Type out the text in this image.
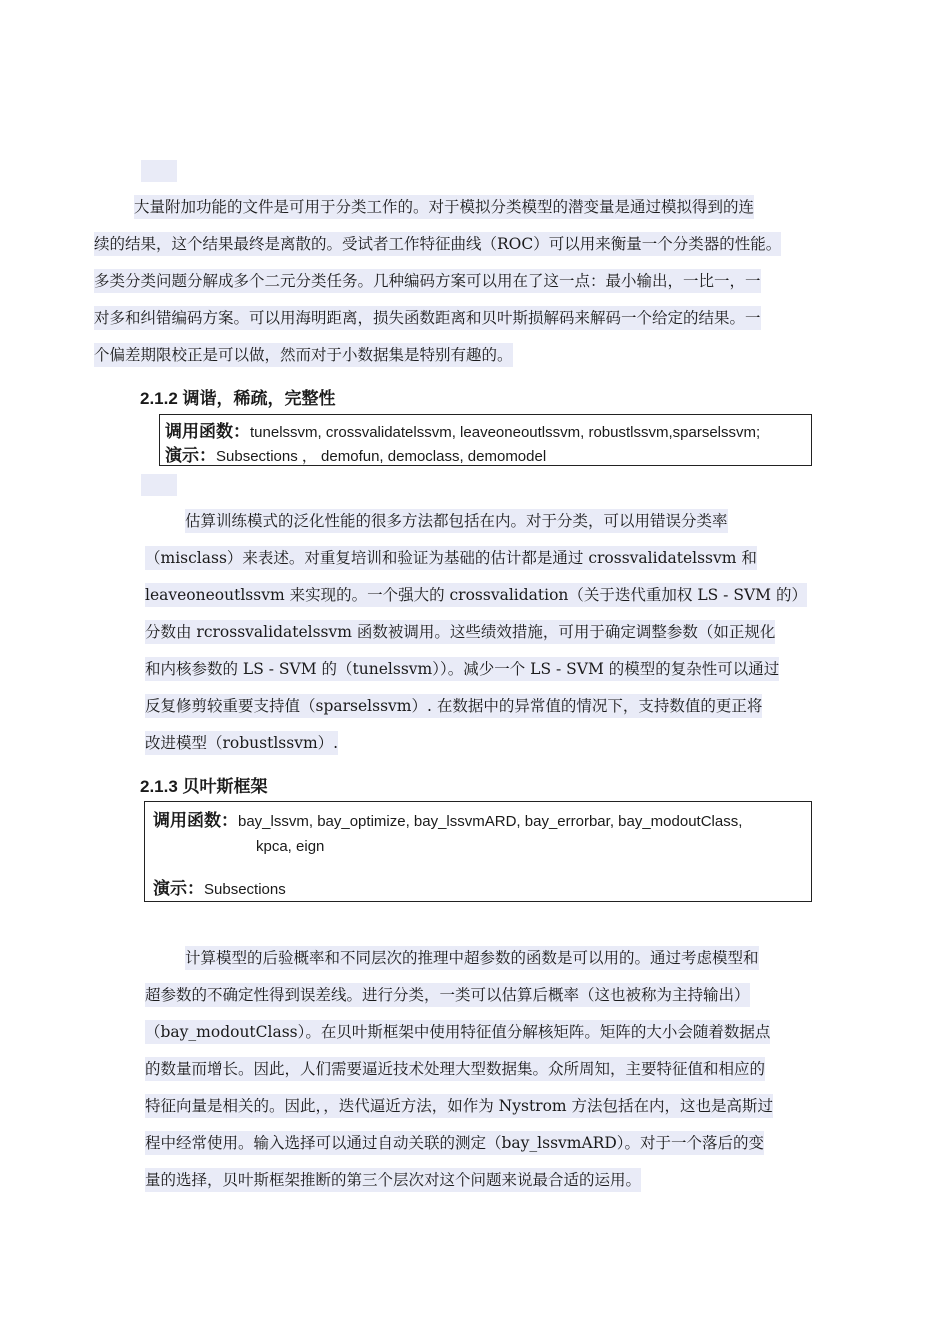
大量附加功能的文件是可用于分类工作的。对于模拟分类模型的潜变量是通过模拟得到的连
续的结果，这个结果最终是离散的。受试者工作特征曲线（ROC）可以用来衡量一个分类器的性能。
多类分类问题分解成多个二元分类任务。几种编码方案可以用在了这一点：最小输出，一比一，一
对多和纠错编码方案。可以用海明距离，损失函数距离和贝叶斯损解码来解码一个给定的结果。一
个偏差期限校正是可以做，然而对于小数据集是特别有趣的。
2.1.2 调谐，稀疏，完整性
调用函数：tunelssvm, crossvalidatelssvm, leaveoneoutlssvm, robustlssvm,sparselssvm;
演示：Subsections ， demofun, democlass, demomodel
估算训练模式的泛化性能的很多方法都包括在内。对于分类，可以用错误分类率
（misclass）来表述。对重复培训和验证为基础的估计都是通过 crossvalidatelssvm 和
leaveoneoutlssvm 来实现的。一个强大的 crossvalidation（关于迭代重加权 LS - SVM 的）
分数由 rcrossvalidatelssvm 函数被调用。这些绩效措施，可用于确定调整参数（如正规化
和内核参数的 LS - SVM 的（tunelssvm））。减少一个 LS - SVM 的模型的复杂性可以通过
反复修剪较重要支持值（sparselssvm）. 在数据中的异常值的情况下，支持数值的更正将
改进模型（robustlssvm）.
2.1.3 贝叶斯框架
调用函数：bay_lssvm, bay_optimize, bay_lssvmARD, bay_errorbar, bay_modoutClass,
kpca, eign
演示：Subsections
计算模型的后验概率和不同层次的推理中超参数的函数是可以用的。通过考虑模型和
超参数的不确定性得到误差线。进行分类，一类可以估算后概率（这也被称为主持输出）
（bay_modoutClass）。在贝叶斯框架中使用特征值分解核矩阵。矩阵的大小会随着数据点
的数量而增长。因此，人们需要逼近技术处理大型数据集。众所周知，主要特征值和相应的
特征向量是相关的。因此，，迭代逼近方法，如作为 Nystrom 方法包括在内，这也是高斯过
程中经常使用。输入选择可以通过自动关联的测定（bay_lssvmARD）。对于一个落后的变
量的选择，贝叶斯框架推断的第三个层次对这个问题来说最合适的运用。
